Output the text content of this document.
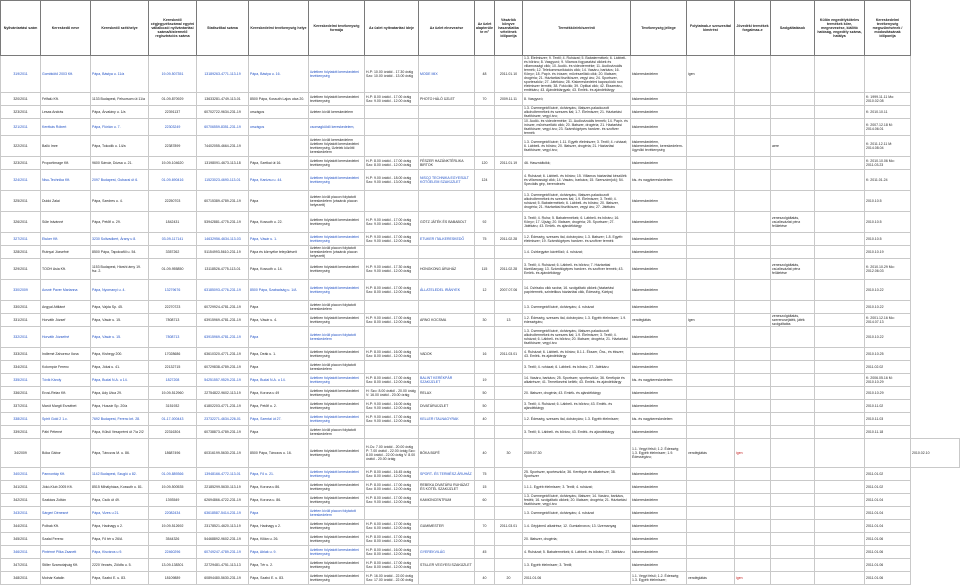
Nyilvántartási szám	Kereskedő neve	Kereskedő székhelye	Kereskedő cégjegyzékszáma/ egyéni vállalkozói nyilvántartási száma/kistermelő regisztrációs száma	Statisztikai száma	Kereskedelmi tevékenység helye	Kereskedelmi tevékenység formája	Az üzlet nyitvatartási ideje	Az üzlet elnevezése	Az üzlet alapterülete m²	Vásárlók könyve használatba vételének időpontja	Termékkör/ek/szerinti	Tevékenység jellege	Folytatnak-e szeszesital kimérést	Jövedéki termékek forgalmaz-e	Szolgáltatások	Külön engedélyköteles termékek köre, megnevezése, kiállító hatóság, engedély száma, hatálya	Kereskedelmi tevékenység megszűnésének / módosításának időpontja	
319/2011	Gombkötő 2003 Kft.	Pápa, Bástya u. 11/a	19-09-507351	13189263-4771-113-19	Pápa, Bástya u. 16.	üzletben folytatott kereskedelmi tevékenység	H-P: 10.00 órától - 17.30 óráig Szo: 10.00 órától - 13.00 óráig	MODE MIX	48	2011.01.10	1.3. Élelmiszer; 9. Textil; 4. Ruházat; 5. Babatermékek; 6. Lábbeli- és bőráru; 8. Vasgyuró; 9. Vilamos fogyasztási cikkek és villamossági cikk; 10. Audió- és videoterméke; 11. Audiovizuális termék; 12. Telekommunikációs cikk; 14. Vasáru, barkács; 16. Könyv; 18. Papír- és írószer, művészellátó cikk; 20. Illatszer, drogéria; 21. Háztartási tisztítószer, vegyi áru; 24. Sportszer, sporteszköz; 27. Játékáru; 28. Kiskereskedelmi kapcsolódó non élelmiszer termék; 38. Fotócikk; 39. Optikai cikk; 42. Ékszeráru, emlékáru; 43. Ajándéktárgyak; 43. Emlék- és ajándéktárgy	kiskereskedelem	igen					
320/2011	Félfalú Kft.	1133 Budapest, Felsorsom út 11/a	01-09-870929	13633281-4749-113-01	8500 Pápa, Kossuth Lajos utca 20.	üzletben folytatott kereskedelmi tevékenység	H-P: 8.00 órától - 17.00 óráig Szo: 9.00 órától - 12.00 óráig	PHOTO HÁLÓ ÜZLET	70	2009.11.11	8. Vasgyuró;	kiskereskedelem					K: 1999.11.11 Mo: 2010.02.08	
323/2011	Lesas András	Pápa, Árvalány u. 1/a	22391137	60702722-9634-231-19	országos	üzleten kívüli kereskedelem					1.3. Csemegeáfi kávé, dohányáru, illatszer-palackozott alkoholtermékek és szeszes ital; 1.7. Élelmiszer; 21. Háztartási tisztítószer, vegyi áru;	kiskereskedelem					K: 2010.10.11	
321/2011	Kerékás Róbert	Pápa, Flórián u. 7.	22303249	60706559-8351-231-19	országos	csomagküldő kereskedelem,					10. Audió- és videoterméke; 11. Audiovizuális termék; 14. Papír- és írószer, művészellátó cikk; 20. Illatszer, drogéria; 21. Háztartási tisztítószer, vegyi áru; 23. Számítógépes hardver- és szoftver termék	kiskereskedelem					K: 2007.12.18 M: 2014.06.01	
322/2011	Balló Imre	Pápa, Tokodik u. 14/a	22387899	74402055-4664-231-19		üzleten kívüli kereskedelem üzletben folytatott kereskedelmi tevékenység, Üzletek közötti kereskedelem					1.3. Csemegeáfi kávé; 1.11. Egyéb élelmiszer; 3. Textil; 4. ruházat; 6. Lábbeli- és bőráru; 20. Illatszer, drogéria; 21. Háztartási tisztítószer, vegyi áru;	kiskereskedelem, kiskereskedelem, kereskedelem-ügynöki tevékenység			aere		K: 2011.12.11 M: 2014.08.04	
323/2011	Proportimage Kft.	9600 Sárvár, Dózsa u. 21.	19-09-104620	13198091-4673-113-18	Pápa, Szetkai út 16.	üzletben folytatott kereskedelmi tevékenység	H-P: 8.00 órától - 17.00 óráig Szo: 8.00 órától - 12.00 óráig	FÉSZER HAZÁNKTÉRLIKA BIRTOK	120	2011.01.19	46. Használtcikk;	kiskereskedelem					K: 2010.10.06 Mo: 2011.03.23	
324/2011	Nisu-Technika Kft.	2097 Budapest, Gubacsi út 6.	01-09-690416	11523023-4690-113-01	Pápa, Kanizsu u. 44.	üzletben folytatott kereskedelmi tevékenység	H-P: 9.00 órától - 18.00 óráig Szo: 9.00 órától - 13.00 óráig	NISCO TECHNIKA EGYESÜLT KÖTŐELEM SZAKÜZLET	124		4. Ruházat; 6. Lábbeli- és bőráru; 15. Villamos háztartási készülék és villamossági cikk; 14. Vasáru, barkács; 15. Szerszám(ok); 54. Speciális gép, berendezés	kis- és nagykereskedelem					K: 2011.01.24	
325/2011	Duidó Zalai	Pápa, Szedres u. 4.	22250703	60715389-4789-231-19	Pápa	üzleten kívüli piacon folytatott kereskedelem (vásárok piacon helyezett)					1.3. Csemegeáfi kávé, dohányáru, illatszer-palackozott alkoholtermékek és szeszes ital; 1.9. Élelmiszer; 3. Textil; 4. ruházat; 5. Babatermékek; 6. Lábbeli- és bőráru; 20. Illatszer, drogéria; 21. Háztartási tisztítószer, vegyi áru; 27. Játékáru	kiskereskedelem					2010.10.5	
326/2011	Süle Istvánné	Pápa, Petőfi u. 29.	1842431	53942881-4775-231-19	Pápa, Kossuth u. 22.	üzletben folytatott kereskedelmi tevékenység	H-P: 9.00 órától - 17.00 óráig Szo: 9.00 órától - 12.00 óráig	GÖTZ JÁTÉK ÉS BABABOLT	92		3. Textil; 4. Ruha; 5. Babatermékek; 6. Lábbeli- és bőráru; 16. Könyv; 17. Újság; 20. Illatszer, drogéria; 25. Sportszer; 27. Játékáru; 43. Emlék- és ajándéktárgy	kiskereskedelem			zeneszolgáltatás, csúzlisvázlat pénz felületése		2010.10.5	
327/2011	Etuker Kft.	3230 Soltvadkert, Árany u 8.	03-09-117141	14632956-4634-113-03	Pápa, Vásár u. 1.	üzletben folytatott kereskedelmi tevékenység	H-P: 9.00 órától - 17.00 óráig Szo: 9.00 órától - 12.00 óráig	ETUKER ITALKERESKEDŐ	75	2011.02.28	1.2. Édesség, szeszes ital, dohányáru; 1.3. Illatszer; 1.8. Egyéb élelmiszer; 19. Számítógépes hardver- és szoftver termék	kiskereskedelem					2010.10.5	
328/2011	Rutnyai Józsefné	8500 Pápa, Tapolcafői u. 54.	3357262	51154993-5610-231-19	Pápa és környéke településeit	üzleten kívüli piacon folytatott kereskedelem (vásárok piacon helyezett)					1.4. Csirkegyám kávéfőzö; 4. ruházat;	kiskereskedelem					2010.10.19	
329/2011	TOOH Asia Kft.	1153 Budapest, Hárshi árny 19. fsz. 2.	01-09-955850	13118526-4775-113-01	Pápa, Kossuth u. 14.	üzletben folytatott kereskedelmi tevékenység	H-P: 9.00 órától - 17.30 óráig Szo: 9.00 órától - 12.00 óráig	HONGKONG ÁRUHÁZ	115	2011.02.28	3. Textil; 4. Ruházat; 6. Lábbeli- és bőráru; 7. Háztartási tüzelőanyag; 13. Számítógépes hardver- és szoftver termék; 43. Emlék- és ajándéktárgy	kiskereskedelem			zeneszolgáltatás, csúzlisvázlat pénz felületése		K: 2010.10.29 Mo: 2012.06.03	
330/2009	Acsné Paver Marianna	Pápa, Nyomanyi u. 4.	13279676	63185093-4776-231-19	8500 Pápa, Szabadság u. 1/A	üzletben folytatott kereskedelmi tevékenység	H-P: 8.00 órától - 17.00 óráig Szo: 8.00 órától - 12.00 óráig	ÁLLATELEDEL IRÁNYEK	12	2007.07.06	14. Csiriszku cikk szoba; 16. szolgáltató cikkek (háztartási papírtermék, szintetikus háztartási cikk, Édesség, Kártya)	kiskereskedelem					2010.10.22	
330/2011	Angyal Attiláné	Pápa, Vajda Sp. 45.	22270723	60729924-4781-231-19	Pápa	üzleten kívüli piacon folytatott kereskedelem					1.3. Csemegeáfi kávé, dohányáru; 4. ruházat	kiskereskedelem					2010.10.22	
331/2011	Horváth József	Pápa, Vásár u. 15.	7808713	63915969-4781-231-19	Pápa, Vásár u. 4.	üzletben folytatott kereskedelmi tevékenység	H-P: 9.00 órától - 17.00 óráig Szo: 8.00 órától - 12.00 óráig	ARNO KOCSMA	30	13	1.2. Édesség, szeszes ital, dohányáru; 1.3. Egyéb élelmiszer; 1.9. édességáru;	vendéglátás	igen		zeneszolgáltatás, szerencsejáték, játék szolgáltatás		K: 2001.12.16 Mo: 2014.07.13	
332/2011	Horváth Józsefné	Pápa, Vásár u. 15.	7808713	63915969-4781-231-19	Pápa	üzleten kívüli piacon folytatott kereskedelem					1.3. Csemegeáfi kávé, dohányáru, illatszer-palackozott alkoholtermékek és szeszes ital; 1.9. Élelmiszer; 3. Textil; 4. ruházat; 6. Lábbeli- és bőráru; 20. Illatszer, drogéria; 21. Háztartási tisztítószer, vegyi áru	kiskereskedelem					2010.10.22	
333/2011	Indlemé Zahorecz Ilona	Pápa, Kishegy 200.	17028686	63610320-4771-231-19	Pápa, Deák u. 1.	üzletben folytatott kereskedelmi tevékenység	H-P: 8.00 órától - 16.00 óráig Szo: 8.00 órától - 12.00 óráig	VADOK	16	2011.03.01	4. Ruházat; 6. Lábbeli- és bőráru; 8.1.1. Ékszer, Óra-, és ékszer; 43. Emlék- és ajándéktárgy	kiskereskedelem					2010.10.25	
334/2011	Kolompár Ferenc	Pápa, Jókai u. 41.	22132715	60729838-4789-231-19	Pápa	üzleten kívüli piacon folytatott kereskedelem					3. Textil; 4. ruházat; 6. Lábbeli- és bőráru; 27. Játékáru	kiskereskedelem					2011.02.02	
335/2011	Tóvik Károly	Pápa, Budai N.A. u 14.	1827208	54251557-9529-231-19	Pápa, Budai N.A. u 14.	üzletben folytatott kereskedelmi tevékenység	H-P: 8.00 órától - 17.00 óráig Szo: 8.00 órától - 12.00 óráig	BALINT KERÉKPÁR SZAKÜZLET	19		14. Vasáru, barkács; 25. Sportszer, sporteszköz; 36. Kerékpár és alkatrésze; 41. Temetkezési kellék; 43. Emlék- és ajándéktárgy	kis- és nagykereskedelem					K: 2006.05.16 M: 2010.10.29	
336/2011	Erosi-Relax Kft.	Pápa, Ady Utca 29.	19-09-512960	22754822-9602-113-19	Pápa, Korona u 49	üzletben folytatott kereskedelmi tevékenység	H: Szo: 8.00 órától - 20.00 óráig V: 16.00 órától - 20.00 óráig	RELAX	50		20. Illatszer, drogéria; 43. Emlék- és ajándéktárgy	kiskereskedelem					2010.10.29	
337/2011	Marót Margit Erzsébet	Pápa, Huszár Sp. 20/a	3151932	61802203-4771-231-19	Pápa, Petőfi u. 2.	üzletben folytatott kereskedelmi tevékenység	H-P: 9.00 órától - 16.00 óráig Szo: 9.00 órától - 12.00 óráig	DIVATÁRUÜZLET	50		3. Textil; 4. Ruházat; 6. Lábbeli- és bőráru; 43. Emlék- és ajándéktárgy	kiskereskedelem					2010.11.02	
338/2011	Spirit Gold 2 1.c.	7692 Budapest, Ferenc krt. 28.	01-17-000443	23732271-4634-226-01	Pápa, Szentai út 27.	üzletben folytatott kereskedelmi tevékenység	H-P: 9.00 órától - 17.00 óráig Szo: 9.00 órától - 12.00 óráig	KELLER ITALNAGYRAK	40		1.2. Édesség, szeszes ital, dohányáru; 1.3. Egyéb élelmiszer;	kis- és nagykereskedelem					2010.11.03	
339/2011	Páhi Péterné	Pápa, Külső Veszprémi út 7/a 2/2	22316304	60738873-4789-231-19	Pápa	üzleten kívüli piacon folytatott kereskedelem					3. Textil; 6. Lábbeli- és bőráru; 43. Emlék- és ajándéktárgy	kiskereskedelem					2010.11.18	
34/2009	Bóka Gábor	Pápa, Tánczos M. u. 86.	18687496	60316199-5630-231-19	8500 Pápa, Tánczos u. 16.	üzletben folytatott kereskedelmi tevékenység	H-Cs: 7.00 órától - 20.00 óráig P: 7.00 órától - 22.00 óráig Szo: 8.00 órától - 22.00 óráig V: 8.00 órától - 20.00 óráig	BÓKA BÜFÉ	40	30	2009.07.30	1.1. Vegyi felső; 1.2. Édesség; 1.3. Egyéb élelmiszer; 1.9. Édességáru;	vendéglátás	igen				2010.02.10
340/2011	Pannontáp Kft.	1142 Budapest, Szugló u 82.	01-09-889366	13948166-4772-113-01	Pápa, Fő u. 21.	üzletben folytatott kereskedelmi tevékenység	H-P: 8.00 órától - 16.45 óráig Szo: 8.00 órától - 12.00 óráig	SPORT- ÉS TERMÉSZ.ÁRUHÁZ	75		25. Sportszer, sporteszköz; 36. Kerékpár és alkatrésze; 38. Sportszer	kiskereskedelem					2011.01.02	
341/2011	Jókó-Klub 2005 Kft.	8515 Mihályháza, Kossuth u. 81.	19-09-500535	22185299-5630-113-19	Pápa, Korona u 86.	üzletben folytatott kereskedelmi tevékenység	H-P: 8.00 órától - 17.00 óráig Szo: 8.00 órától - 12.00 óráig	REBEKA DIVATÁRU RUHÁZAT ÉS KÖTÉL SZAKÜZLET	15		1.1.1. Egyéb élelmiszer; 3. Textil; 4. ruházat;	kiskereskedelem					2011.01.02	
342/2011	Szakács Zoltán	Pápa, Csók út 49.	1393549	62694866-4722-231-19	Pápa, Korona u. 86.	üzletben folytatott kereskedelmi tevékenység	H-P: 8.00 órától - 17.00 óráig Szo: 9.00 órától - 12.00 óráig	KAMIONCENTRUM	60		1.3. Csemegeáfi kávé, dohányáru, illatszer; 14. Vasáru, barkács, festék; 16. szolgáltató cikkek; 20. Illatszer, drogéria; 21. Háztartási tisztítószer, vegyi áru	kiskereskedelem					2011.01.04	
343/2011	Sárgeri Dénesné	Pápa, Vizes u 21.	22082434	63618587-5414-231-19	Pápa	üzleten kívüli piacon folytatott kereskedelem					1.3. Csemegeáfi kávé, dohányáru; 4. ruházat	kiskereskedelem					2011.01.04	
344/2011	Polbak Kft.	Pápa, Hadnagy u 2.	19-09-512692	23178521-4620-113-19	Pápa, Hadnagy u 2.	üzletben folytatott kereskedelmi tevékenység	H-P: 6.00 órától - 17.00 óráig Szo: 6.00 órától - 12.00 óráig	GUMIMESTER	70	2011.03.01	1.4. Gépjármű alkatrész; 12. Gumiabroncs; 13. Üzemanyag	kiskereskedelem					2011.01.04	
345/2011	Szalai Ferenc	Pápa, Fő tér u 26/A	3544326	54468892-9602-231-19	Pápa, Kilián u. 26.	üzletben folytatott kereskedelmi tevékenység	H-P: 8.00 órától - 17.00 óráig Szo: 8.00 órától - 12.00 óráig				20. Illatszer, drogéria;	kiskereskedelem					2011.01.06	
346/2011	Pintérné Pilka Zsanett	Pápa, Kisváros u 9.	22460296	60749247-4789-231-19	Pápa, Ablak u. 9.	üzletben folytatott kereskedelmi tevékenység	H-P: 8.00 órától - 16.00 óráig Szo: 8.00 órától - 12.00 óráig	GYEREKVILÁG	45		4. Ruházat; 5. Babatermékek; 6. Lábbeli- és bőráru; 27. Játékáru	kiskereskedelem					2011.01.06	
347/2011	Stiller Szamotajvág Kft.	2220 Vecsés, Zöldfa u. 5.	13-09-138301	22729481-4751-113-13	Pápa, Tér u. 2.	üzletben folytatott kereskedelmi tevékenység	H-P: 8.00 órától - 17.00 óráig Szo: 8.00 órától - 12.00 óráig	STILLER VEGYESI SZAKÜZLET			1.3. Egyéb élelmiszer; 3. Textil;	kiskereskedelem					2011.01.06	
348/2011	Molnár Katalin	Pápa, Szabó E. u. 83.	18109889	60894480-5630-231-19	Pápa, Szabó E. u. 83.	üzletben folytatott kereskedelmi tevékenység	H-P: 16.00 órától - 22.00 óráig Szo: 17.00 órától - 22.00 óráig		40	20	2011.01.06	1.1. Vegyi felső; 1.2. Édesség; 1.3. Egyéb élelmiszer;	vendéglátás	igen			2011.01.06	
